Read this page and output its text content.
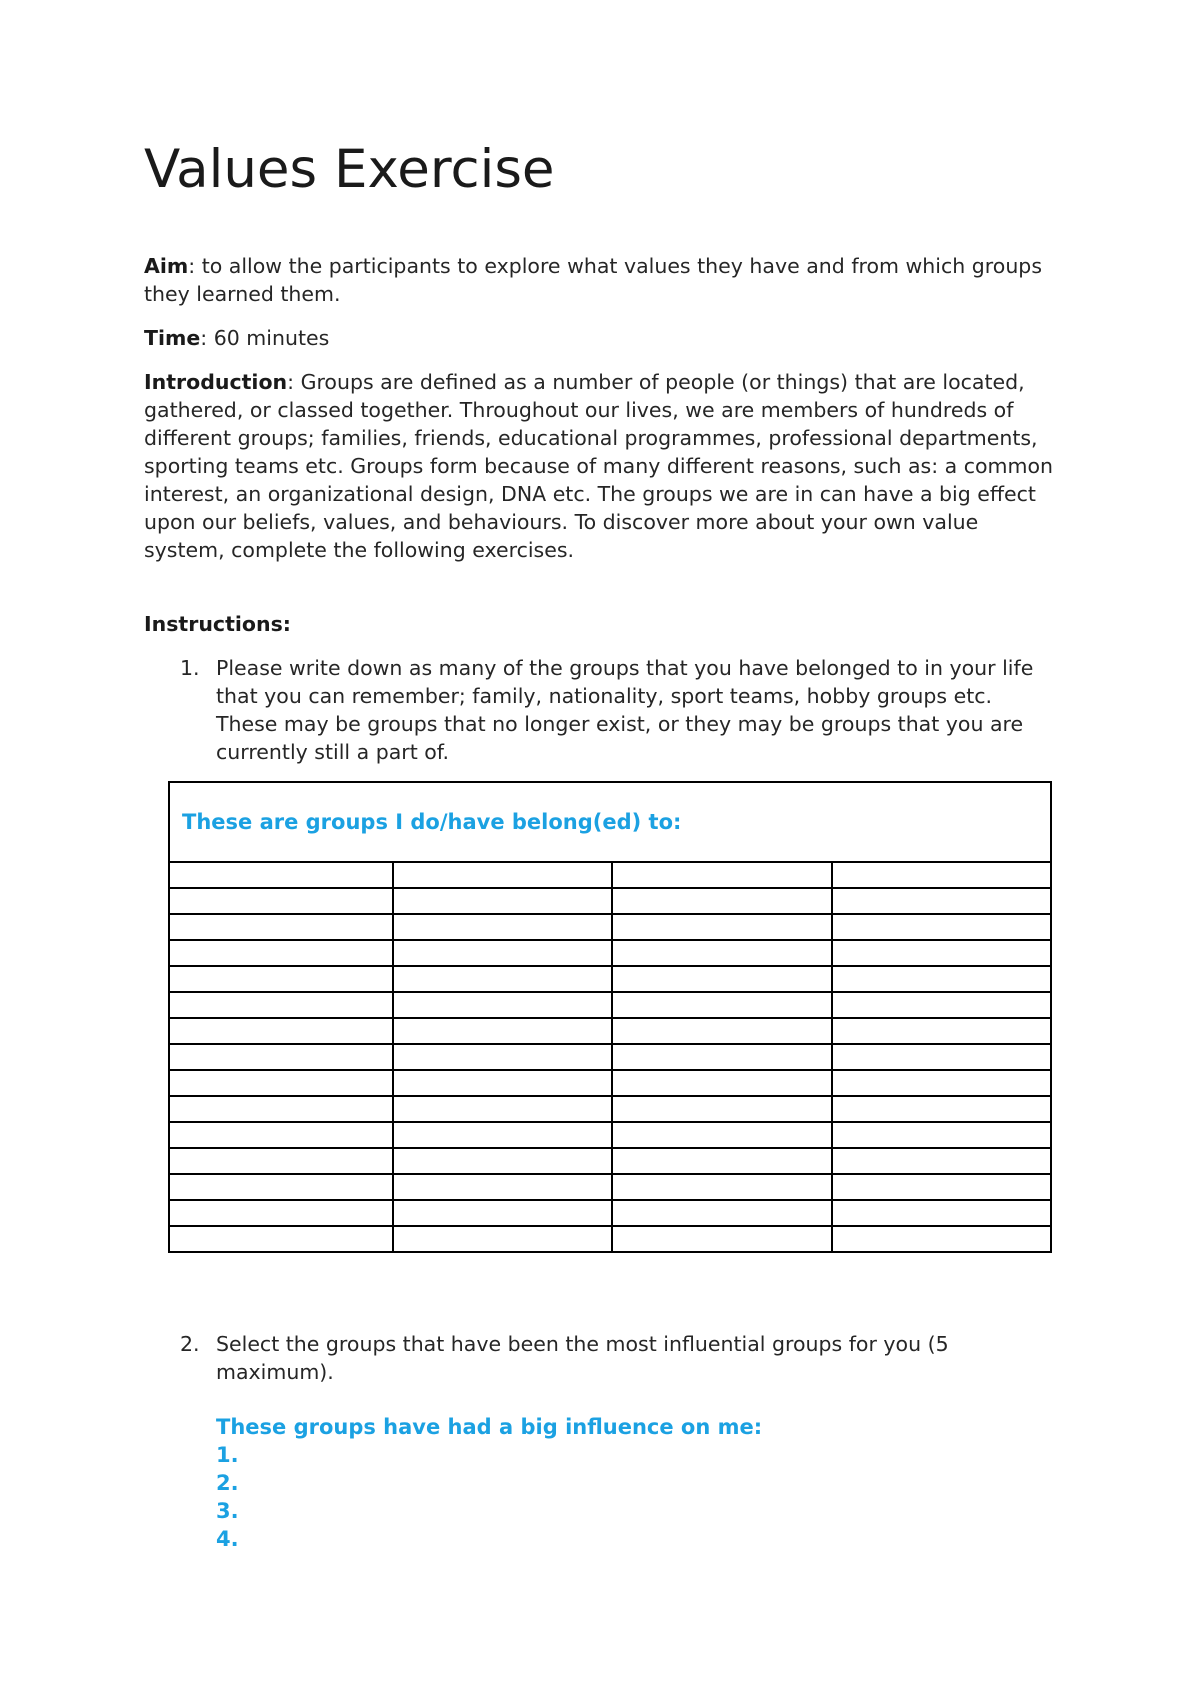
Values Exercise

Aim: to allow the participants to explore what values they have and from which groups they learned them.

Time: 60 minutes

Introduction: Groups are defined as a number of people (or things) that are located, gathered, or classed together. Throughout our lives, we are members of hundreds of different groups; families, friends, educational programmes, professional departments, sporting teams etc. Groups form because of many different reasons, such as: a common interest, an organizational design, DNA etc. The groups we are in can have a big effect upon our beliefs, values, and behaviours. To discover more about your own value system, complete the following exercises.

Instructions:

1. Please write down as many of the groups that you have belonged to in your life that you can remember; family, nationality, sport teams, hobby groups etc. These may be groups that no longer exist, or they may be groups that you are currently still a part of.
These are groups I do/have belong(ed) to:			

2. Select the groups that have been the most influential groups for you (5 maximum).
These groups have had a big influence on me:
1.
2.
3.
4.
